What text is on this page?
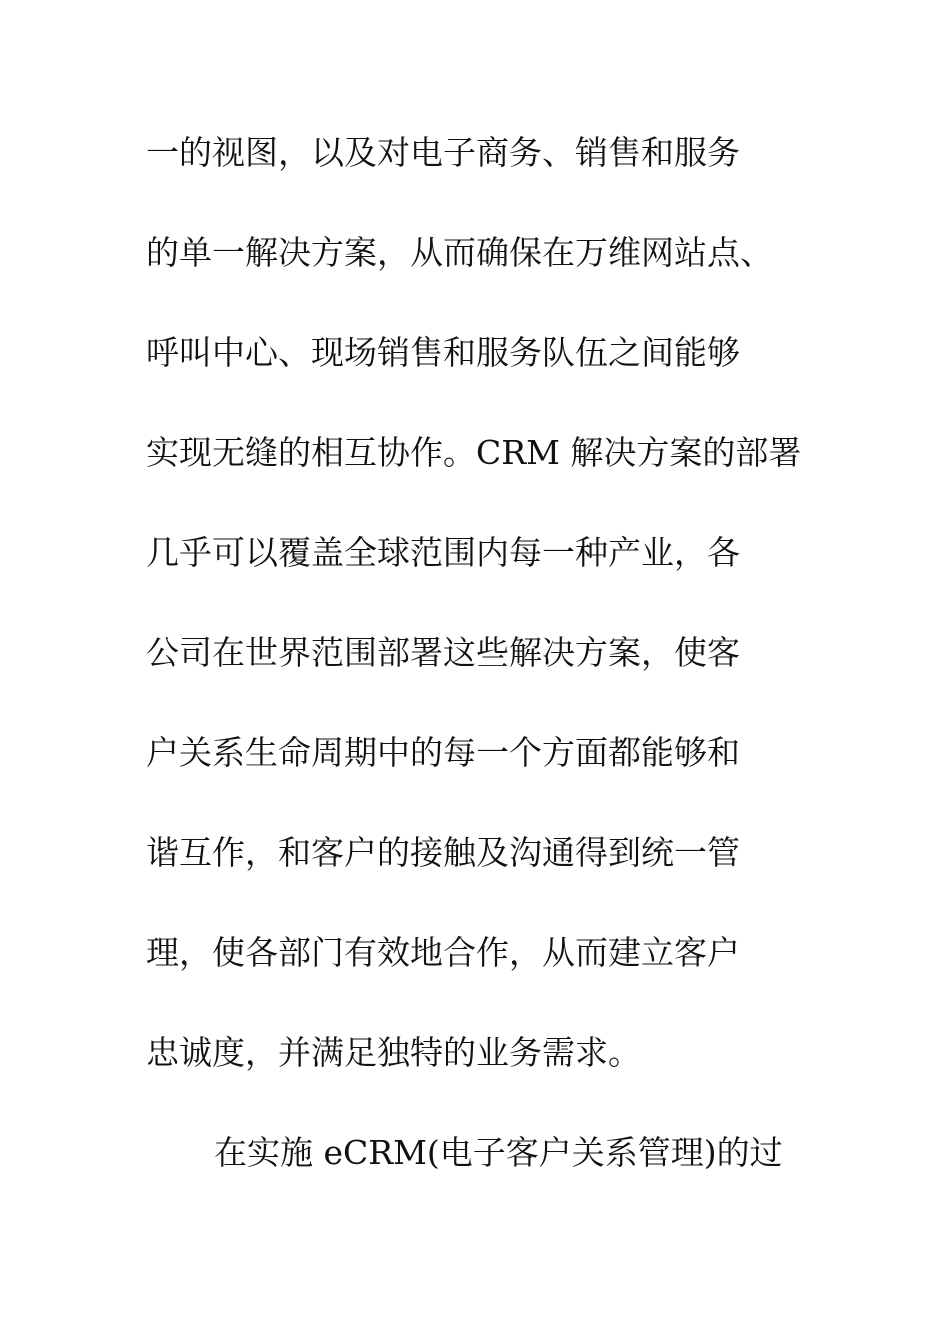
一的视图，以及对电子商务、销售和服务
的单一解决方案，从而确保在万维网站点、
呼叫中心、现场销售和服务队伍之间能够
实现无缝的相互协作。CRM 解决方案的部署
几乎可以覆盖全球范围内每一种产业，各
公司在世界范围部署这些解决方案，使客
户关系生命周期中的每一个方面都能够和
谐互作，和客户的接触及沟通得到统一管
理，使各部门有效地合作，从而建立客户
忠诚度，并满足独特的业务需求。
在实施 eCRM(电子客户关系管理)的过
